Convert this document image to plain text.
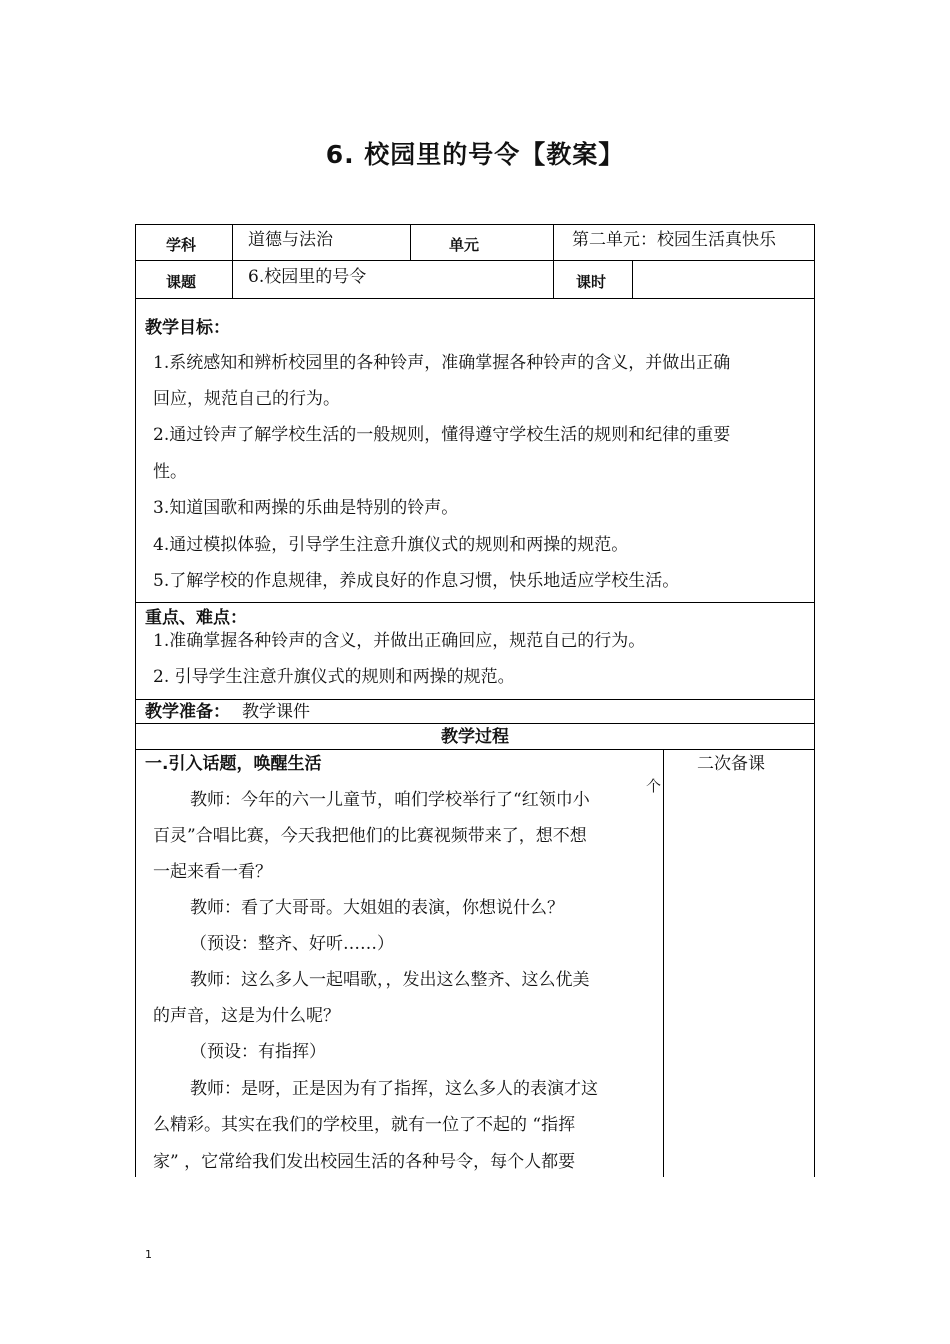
6. 校园里的号令【教案】
学科	道德与法治	单元	第二单元：校园生活真快乐
课题	6.校园里的号令	课时
教学目标：
1.系统感知和辨析校园里的各种铃声，准确掌握各种铃声的含义，并做出正确
回应，规范自己的行为。
2.通过铃声了解学校生活的一般规则，懂得遵守学校生活的规则和纪律的重要
性。
3.知道国歌和两操的乐曲是特别的铃声。
4.通过模拟体验，引导学生注意升旗仪式的规则和两操的规范。
5.了解学校的作息规律，养成良好的作息习惯，快乐地适应学校生活。
重点、难点：
1.准确掌握各种铃声的含义，并做出正确回应，规范自己的行为。
2. 引导学生注意升旗仪式的规则和两操的规范。
教学准备： 教学课件
教学过程
一.引入话题，唤醒生活	二次备课
个
教师：今年的六一儿童节，咱们学校举行了“红领巾小
百灵”合唱比赛，今天我把他们的比赛视频带来了，想不想
一起来看一看？
教师：看了大哥哥。大姐姐的表演，你想说什么？
（预设：整齐、好听……）
教师：这么多人一起唱歌，，发出这么整齐、这么优美
的声音，这是为什么呢？
（预设：有指挥）
教师：是呀，正是因为有了指挥，这么多人的表演才这
么精彩。其实在我们的学校里，就有一位了不起的 “指挥
家” ，它常给我们发出校园生活的各种号令，每个人都要
1
